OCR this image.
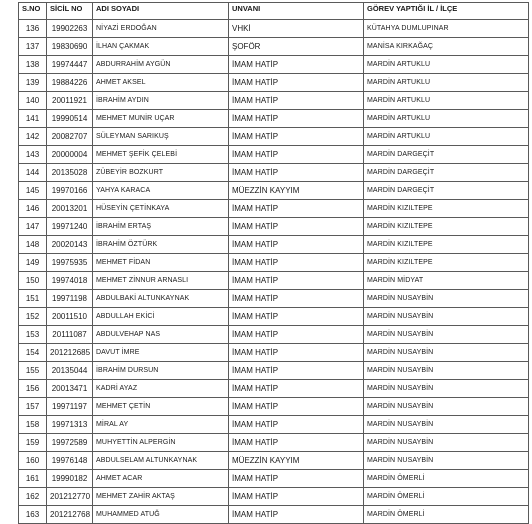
S.NO	SİCİL NO	ADI SOYADI	UNVANI	GÖREV YAPTIĞI İL / İLÇE
136	19902263	NİYAZİ ERDOĞAN	VHKİ	KÜTAHYA DUMLUPINAR
137	19830690	İLHAN ÇAKMAK	ŞOFÖR	MANİSA KIRKAĞAÇ
138	19974447	ABDURRAHİM AYGÜN	İMAM HATİP	MARDİN ARTUKLU
139	19884226	AHMET AKSEL	İMAM HATİP	MARDİN ARTUKLU
140	20011921	İBRAHİM AYDIN	İMAM HATİP	MARDİN ARTUKLU
141	19990514	MEHMET MUNİR UÇAR	İMAM HATİP	MARDİN ARTUKLU
142	20082707	SÜLEYMAN SARIKUŞ	İMAM HATİP	MARDİN ARTUKLU
143	20000004	MEHMET ŞEFİK ÇELEBİ	İMAM HATİP	MARDİN DARGEÇİT
144	20135028	ZÜBEYİR BOZKURT	İMAM HATİP	MARDİN DARGEÇİT
145	19970166	YAHYA KARACA	MÜEZZİN KAYYIM	MARDİN DARGEÇİT
146	20013201	HÜSEYİN ÇETİNKAYA	İMAM HATİP	MARDİN KIZILTEPE
147	19971240	İBRAHİM ERTAŞ	İMAM HATİP	MARDİN KIZILTEPE
148	20020143	İBRAHİM ÖZTÜRK	İMAM HATİP	MARDİN KIZILTEPE
149	19975935	MEHMET FİDAN	İMAM HATİP	MARDİN KIZILTEPE
150	19974018	MEHMET ZİNNUR ARNASLI	İMAM HATİP	MARDİN MİDYAT
151	19971198	ABDULBAKİ ALTUNKAYNAK	İMAM HATİP	MARDİN NUSAYBİN
152	20011510	ABDULLAH EKİCİ	İMAM HATİP	MARDİN NUSAYBİN
153	20111087	ABDULVEHAP NAS	İMAM HATİP	MARDİN NUSAYBİN
154	201212685	DAVUT İMRE	İMAM HATİP	MARDİN NUSAYBİN
155	20135044	İBRAHİM DURSUN	İMAM HATİP	MARDİN NUSAYBİN
156	20013471	KADRİ AYAZ	İMAM HATİP	MARDİN NUSAYBİN
157	19971197	MEHMET ÇETİN	İMAM HATİP	MARDİN NUSAYBİN
158	19971313	MİRAL AY	İMAM HATİP	MARDİN NUSAYBİN
159	19972589	MUHYETTİN ALPERGİN	İMAM HATİP	MARDİN NUSAYBİN
160	19976148	ABDULSELAM ALTUNKAYNAK	MÜEZZİN KAYYIM	MARDİN NUSAYBİN
161	19990182	AHMET ACAR	İMAM HATİP	MARDİN ÖMERLİ
162	201212770	MEHMET ZAHİR AKTAŞ	İMAM HATİP	MARDİN ÖMERLİ
163	201212768	MUHAMMED ATUĞ	İMAM HATİP	MARDİN ÖMERLİ
